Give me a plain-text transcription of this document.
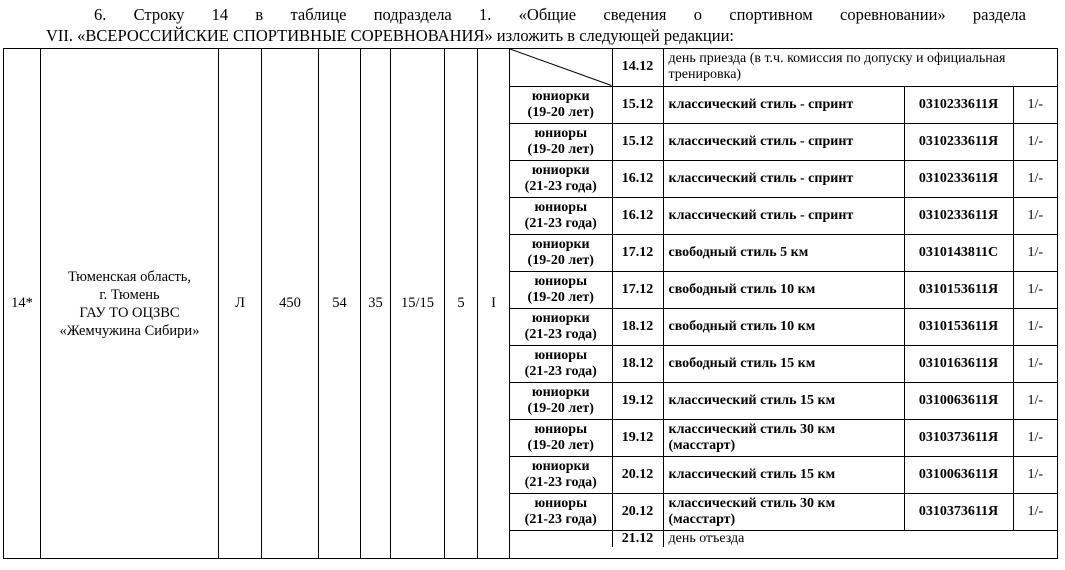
6. Строку 14 в таблице подраздела 1. «Общие сведения о спортивном соревновании» раздела
VII. «ВСЕРОССИЙСКИЕ СПОРТИВНЫЕ СОРЕВНОВАНИЯ» изложить в следующей редакции:
14*	Тюменская область,
г. Тюмень
ГАУ ТО ОЦЗВС
«Жемчужина Сибири»	Л	450	54	35	15/15	5	I	
	14.12	день приезда (в т.ч. комиссия по допуску и официальная тренировка)
юниорки
(19-20 лет)	15.12	классический стиль - спринт	0310233611Я	1/-
юниоры
(19-20 лет)	15.12	классический стиль - спринт	0310233611Я	1/-
юниорки
(21-23 года)	16.12	классический стиль - спринт	0310233611Я	1/-
юниоры
(21-23 года)	16.12	классический стиль - спринт	0310233611Я	1/-
юниорки
(19-20 лет)	17.12	свободный стиль 5 км	0310143811С	1/-
юниоры
(19-20 лет)	17.12	свободный стиль 10 км	0310153611Я	1/-
юниорки
(21-23 года)	18.12	свободный стиль 10 км	0310153611Я	1/-
юниоры
(21-23 года)	18.12	свободный стиль 15 км	0310163611Я	1/-
юниорки
(19-20 лет)	19.12	классический стиль 15 км	0310063611Я	1/-
юниоры
(19-20 лет)	19.12	классический стиль 30 км
(масстарт)	0310373611Я	1/-
юниорки
(21-23 года)	20.12	классический стиль 15 км	0310063611Я	1/-
юниоры
(21-23 года)	20.12	классический стиль 30 км
(масстарт)	0310373611Я	1/-
	21.12	день отъезда
